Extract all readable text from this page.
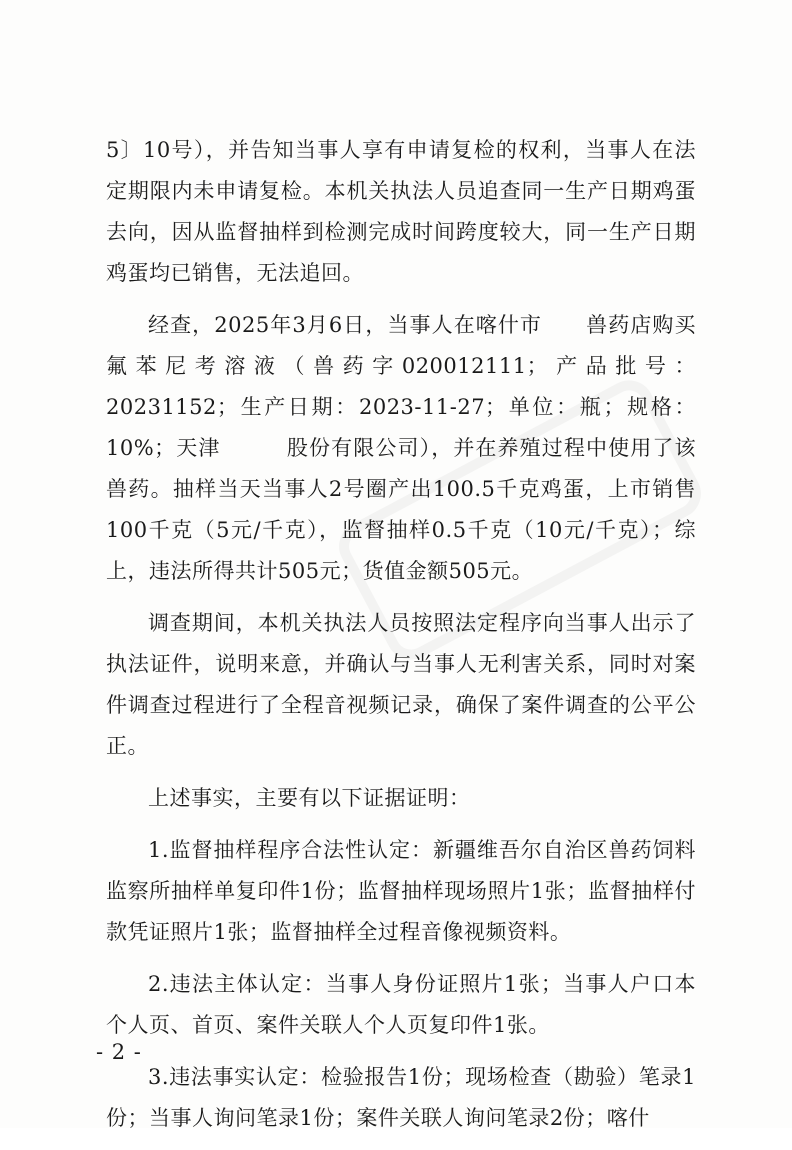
5〕10号），并告知当事人享有申请复检的权利，当事人在法定期限内未申请复检。本机关执法人员追查同一生产日期鸡蛋去向，因从监督抽样到检测完成时间跨度较大，同一生产日期鸡蛋均已销售，无法追回。

经查，2025年3月6日，当事人在喀什市　　兽药店购买氟苯尼考溶液（兽药字020012111；产品批号：20231152；生产日期：2023-11-27；单位：瓶；规格：10%；天津　　　股份有限公司），并在养殖过程中使用了该兽药。抽样当天当事人2号圈产出100.5千克鸡蛋，上市销售100千克（5元/千克），监督抽样0.5千克（10元/千克）；综上，违法所得共计505元；货值金额505元。

调查期间，本机关执法人员按照法定程序向当事人出示了执法证件，说明来意，并确认与当事人无利害关系，同时对案件调查过程进行了全程音视频记录，确保了案件调查的公平公正。

上述事实，主要有以下证据证明：

1.监督抽样程序合法性认定：新疆维吾尔自治区兽药饲料监察所抽样单复印件1份；监督抽样现场照片1张；监督抽样付款凭证照片1张；监督抽样全过程音像视频资料。

2.违法主体认定：当事人身份证照片1张；当事人户口本个人页、首页、案件关联人个人页复印件1张。

3.违法事实认定：检验报告1份；现场检查（勘验）笔录1份；当事人询问笔录1份；案件关联人询问笔录2份；喀什

- 2 -
